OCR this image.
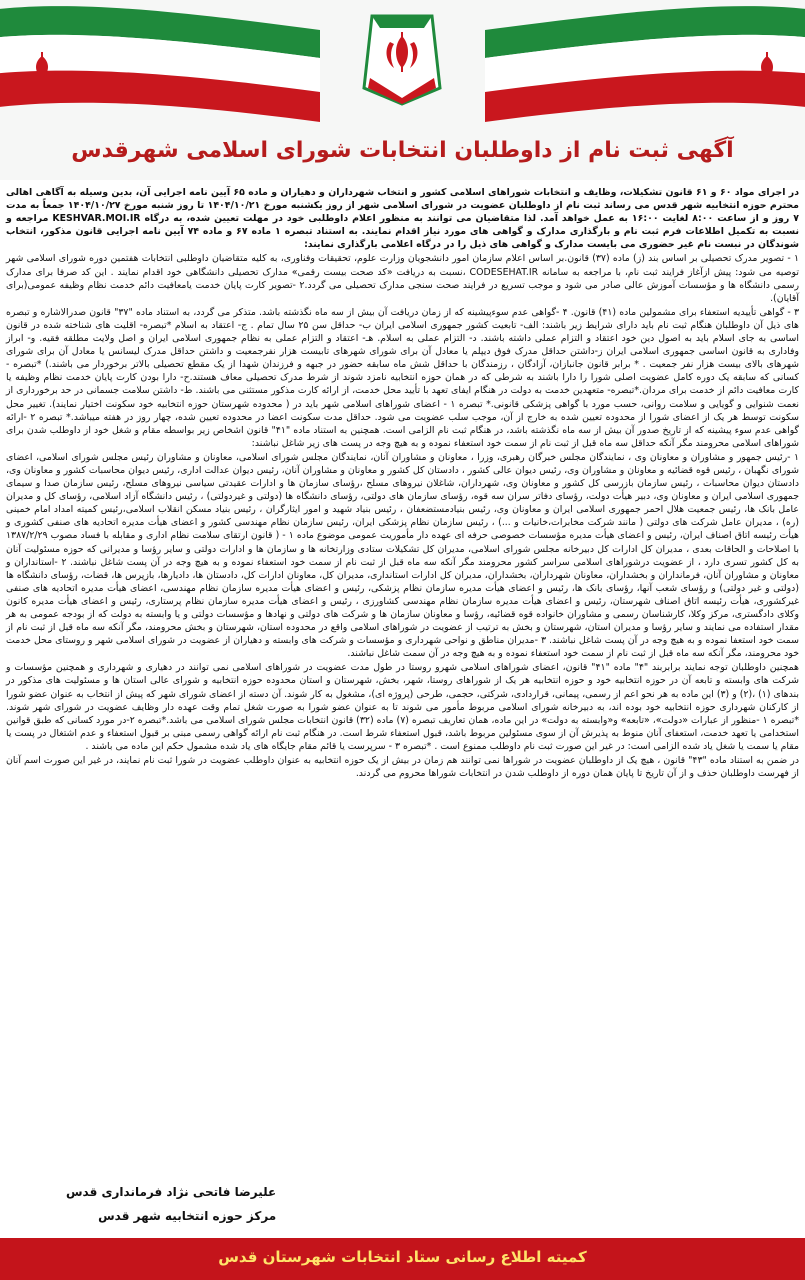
آگهی ثبت نام از داوطلبان انتخابات شورای اسلامی شهرقدس

در اجرای مواد ۶۰ و ۶۱ قانون تشکیلات، وظایف و انتخابات شوراهای اسلامی کشور و انتخاب شهرداران و دهیاران و ماده ۶۵ آیین نامه اجرایی آن، بدین وسیله به آگاهی اهالی محترم حوزه انتخابیه شهر قدس می رساند ثبت نام از داوطلبان عضویت در شورای اسلامی شهر از روز یکشنبه مورخ ۱۴۰۴/۱۰/۲۱ تا روز شنبه مورخ ۱۴۰۴/۱۰/۲۷ جمعاً به مدت ۷ روز و از ساعت ۸:۰۰ لغایت ۱۶:۰۰ به عمل خواهد آمد. لذا متقاضیان می توانند به منظور اعلام داوطلبی خود در مهلت تعیین شده، به درگاه KESHVAR.MOI.IR مراجعه و نسبت به تکمیل اطلاعات فرم ثبت نام و بارگذاری مدارک و گواهی های مورد نیاز اقدام نمایند. به استناد تبصره ۱ ماده ۶۷ و ماده ۷۴ آیین نامه اجرایی قانون مذکور، انتخاب شوندگان در نبست نام غیر حضوری می بایست مدارک و گواهی های ذیل را در درگاه اعلامی بارگذاری نمایند:

۱ - تصویر مدرک تحصیلی بر اساس بند (ز) ماده (۳۷) قانون.بر اساس اعلام سازمان امور دانشجویان وزارت علوم، تحقیقات وفناوری، به کلیه متقاضیان داوطلبی انتخابات هفتمین دوره شورای اسلامی شهر توصیه می شود: پیش ازآغاز فرایند ثبت نام، با مراجعه به سامانه CODESEHAT.IR ،نسبت به دریافت «کد صحت بیست رقمی» مدارک تحصیلی دانشگاهی خود اقدام نمایند . این کد صرفا برای مدارک رسمی دانشگاه ها و مؤسسات آموزش عالی صادر می شود و موجب تسریع در فرایند صحت سنجی مدارک تحصیلی می گردد.۲ -تصویر کارت پایان خدمت یامعافیت دائم خدمت نظام وظیفه عمومی(برای آقایان).

۳ - گواهی تأییدیه استعفاء برای مشمولین ماده (۴۱) قانون. ۴ -گواهی عدم سوءپیشینه که از زمان دریافت آن بیش از سه ماه نگذشته باشد. متذکر می گردد، به استناد ماده "۳۷" قانون صدرالاشاره و تبصره های ذیل آن داوطلبان هنگام ثبت نام باید دارای شرایط زیر باشند: الف- تابعیت کشور جمهوری اسلامی ایران ب- حداقل سن ۲۵ سال تمام . ج- اعتقاد به اسلام *تبصره- اقلیت های شناخته شده در قانون اساسی به جای اسلام باید به اصول دین خود اعتقاد و التزام عملی داشته باشند. د- التزام عملی به اسلام. هـ- اعتقاد و التزام عملی به نظام جمهوری اسلامی ایران و اصل ولایت مطلقه فقیه. و- ابراز وفاداری به قانون اساسی جمهوری اسلامی ایران ز-داشتن حداقل مدرک فوق دیپلم یا معادل آن برای شورای شهرهای تابیست هزار نفرجمعیت و داشتن حداقل مدرک لیسانس یا معادل آن برای شورای شهرهای بالای بیست هزار نفر جمعیت . * برابر قانون جانبازان، آزادگان ، رزمندگان با حداقل شش ماه سابقه حضور در جبهه و فرزندان شهدا از یک مقطع تحصیلی بالاتر برخوردار می باشند.) *تبصره - کسانی که سابقه یک دوره کامل عضویت اصلی شورا را دارا باشند به شرطی که در همان حوزه انتخابیه نامزد شوند از شرط مدرک تحصیلی معاف هستند.ح- دارا بودن کارت پایان خدمت نظام وظیفه یا کارت معافیت دائم از خدمت برای مردان.*تبصره- متعهدین خدمت به دولت در هنگام ایفای تعهد با تأیید محل خدمت، از ارائه کارت مذکور مستثنی می باشند. ط- داشتن سلامت جسمانی در حد برخورداری از نعمت شنوایی و گویایی و سلامت روانی، حسب مورد با گواهی پزشکی قانونی.* تبصره ۱ - اعضای شوراهای اسلامی شهر باید در ( محدوده شهرستان حوزه انتخابیه خود سکونت اختیار نمایند). تغییر محل سکونت توسط هر یک از اعضای شورا از محدوده تعیین شده به خارج از آن، موجب سلب عضویت می شود. حداقل مدت سکونت اعضا در محدوده تعیین شده، چهار روز در هفته میباشد.* تبصره ۲ -ارائه گواهی عدم سوء پیشینه که از تاریخ صدور آن بیش از سه ماه نگذشته باشد، در هنگام ثبت نام الزامی است. همچنین به استناد ماده "۴۱" قانون اشخاص زیر بواسطه مقام و شغل خود از داوطلب شدن برای شوراهای اسلامی محرومند مگر آنکه حداقل سه ماه قبل از ثبت نام از سمت خود استعفاء نموده و به هیچ وجه در پست های زیر شاغل نباشند:

۱ -رئیس جمهور و مشاوران و معاونان وی ، نمایندگان مجلس خبرگان رهبری، وزرا ، معاونان و مشاوران آنان، نمایندگان مجلس شورای اسلامی، معاونان و مشاوران رئیس مجلس شورای اسلامی، اعضای شورای نگهبان ، رئیس قوه قضائیه و معاونان و مشاوران وی، رئیس دیوان عالی کشور ، دادستان کل کشور و معاونان و مشاوران آنان، رئیس دیوان عدالت اداری، رئیس دیوان محاسبات کشور و معاونان وی، دادستان دیوان محاسبات ، رئیس سازمان بازرسی کل کشور و معاونان وی، شهرداران، شاغلان نیروهای مسلح ،رؤسای سازمان ها و ادارات عقیدتی سیاسی نیروهای مسلح، رئیس سازمان صدا و سیمای جمهوری اسلامی ایران و معاونان وی، دبیر هیأت دولت، رؤسای دفاتر سران سه قوه، رؤسای سازمان های دولتی، رؤسای دانشگاه ها (دولتی و غیردولتی) ، رئیس دانشگاه آزاد اسلامی، رؤسای کل و مدیران عامل بانک ها، رئیس جمعیت هلال احمر جمهوری اسلامی ایران و معاونان وی، رئیس بنیادمستضعفان ، رئیس بنیاد شهید و امور ایثارگران ، رئیس بنیاد مسکن انقلاب اسلامی،رئیس کمیته امداد امام خمینی (ره) ، مدیران عامل شرکت های دولتی ( مانند شرکت مخابرات،خانیات و ...) ، رئیس سازمان نظام پزشکی ایران، رئیس سازمان نظام مهندسی کشور و اعضای هیأت مدیره اتحادیه های صنفی کشوری و هیأت رئیسه اتاق اصناف ایران، رئیس و اعضای هیأت مدیره مؤسسات خصوصی حرفه ای عهده دار مأموریت عمومی موضوع ماده ۱ - ( قانون ارتقای سلامت نظام اداری و مقابله با فساد مصوب ۱۳۸۷/۲/۲۹ با اصلاحات و الحاقات بعدی ، مدیران کل ادارات کل دبیرخانه مجلس شورای اسلامی، مدیران کل تشکیلات ستادی وزارتخانه ها و سازمان ها و ادارات دولتی و سایر رؤسا و مدیرانی که حوزه مسئولیت آنان به کل کشور تسری دارد ، از عضویت درشوراهای اسلامی سراسر کشور محرومند مگر آنکه سه ماه قبل از ثبت نام از سمت خود استعفاء نموده و به هیچ وجه در آن پست شاغل نباشند. ۲ -استانداران و معاونان و مشاوران آنان، فرمانداران و بخشداران، معاونان شهرداران، بخشداران، مدیران کل ادارات استانداری، مدیران کل، معاونان ادارات کل، دادستان ها، دادیارها، بازپرس ها، قضات، رؤسای دانشگاه ها (دولتی و غیر دولتی) و رؤسای شعب آنها، رؤسای بانک ها، رئیس و اعضای هیأت مدیره سازمان نظام پزشکی، رئیس و اعضای هیأت مدیره سازمان نظام مهندسی، اعضای هیأت مدیره اتحادیه های صنفی غیرکشوری، هیأت رئیسه اتاق اصناف شهرستان، رئیس و اعضای هیأت مدیره سازمان نظام مهندسی کشاورزی ، رئیس و اعضای هیأت مدیره سازمان نظام پرستاری، رئیس و اعضای هیأت مدیره کانون وکلای دادگستری، مرکز وکلا، کارشناسان رسمی و مشاوران خانواده قوه قضائیه، رؤسا و معاونان سازمان ها و شرکت های دولتی و نهادها و مؤسسات دولتی و یا وابسته به دولت که از بودجه عمومی به هر مقدار استفاده می نمایند و سایر رؤسا و مدیران استان، شهرستان و بخش به ترتیب از عضویت در شوراهای اسلامی واقع در محدوده استان، شهرستان و بخش محرومند، مگر آنکه سه ماه قبل از ثبت نام از سمت خود استعفا نموده و به هیچ وجه در آن پست شاغل نباشند. ۳ -مدیران مناطق و نواحی شهرداری و مؤسسات و شرکت های وابسته و دهیاران از عضویت در شورای اسلامی شهر و روستای محل خدمت خود محرومند، مگر آنکه سه ماه قبل از ثبت نام از سمت خود استعفاء نموده و به هیچ وجه در آن سمت شاغل نباشند.

همچنین داوطلبان توجه نمایند برابربند "۴" ماده "۴۱" قانون، اعضای شوراهای اسلامی شهرو روستا در طول مدت عضویت در شوراهای اسلامی نمی توانند در دهیاری و شهرداری و همچنین مؤسسات و شرکت های وابسته و تابعه آن در حوزه انتخابیه خود و حوزه انتخابیه هر یک از شوراهای روستا، شهر، بخش، شهرستان و استان محدوده حوزه انتخابیه و شورای عالی استان ها و مسئولیت های مذکور در بندهای (۱) ،(۲) و (۳) این ماده به هر نحو اعم از رسمی، پیمانی، قراردادی، شرکتی، حجمی، طرحی (پروژه ای)، مشغول به کار شوند. آن دسته از اعضای شورای شهر که پیش از انتخاب به عنوان عضو شورا از کارکنان شهرداری حوزه انتخابیه خود بوده اند، به دبیرخانه شورای اسلامی مربوط مأمور می شوند تا به عنوان عضو شورا به صورت شغل تمام وقت عهده دار وظایف عضویت در شورای شهر شوند. *تبصره ۱ -منظور از عبارات «دولت»، «تابعه» و«وابسته به دولت» در این ماده، همان تعاریف تبصره (۷) ماده (۳۲) قانون انتخابات مجلس شورای اسلامی می باشد.*تبصره ۲-در مورد کسانی که طبق قوانین استخدامی یا تعهد خدمت، استعفای آنان منوط به پذیرش آن از سوی مسئولین مربوط باشد، قبول استعفاء شرط است. در هنگام ثبت نام ارائه گواهی رسمی مبنی بر قبول استعفاء و عدم اشتغال در پست یا مقام یا سمت یا شغل یاد شده الزامی است: در غیر این صورت ثبت نام داوطلب ممنوع است . *تبصره ۳ - سرپرست یا قائم مقام جایگاه های یاد شده مشمول حکم این ماده می باشند .

در ضمن به استناد ماده "۴۳" قانون ، هیچ یک از داوطلبان عضویت در شوراها نمی توانند هم زمان در بیش از یک حوزه انتخابیه به عنوان داوطلب عضویت در شورا ثبت نام نمایند، در غیر این صورت اسم آنان از فهرست داوطلبان حذف و از آن تاریخ تا پایان همان دوره از داوطلب شدن در انتخابات شوراها محروم می گردند.

علیرضا فاتحی نژاد فرمانداری قدس
مرکز حوزه انتخابیه شهر قدس
کمیته اطلاع رسانی ستاد انتخابات شهرستان قدس
